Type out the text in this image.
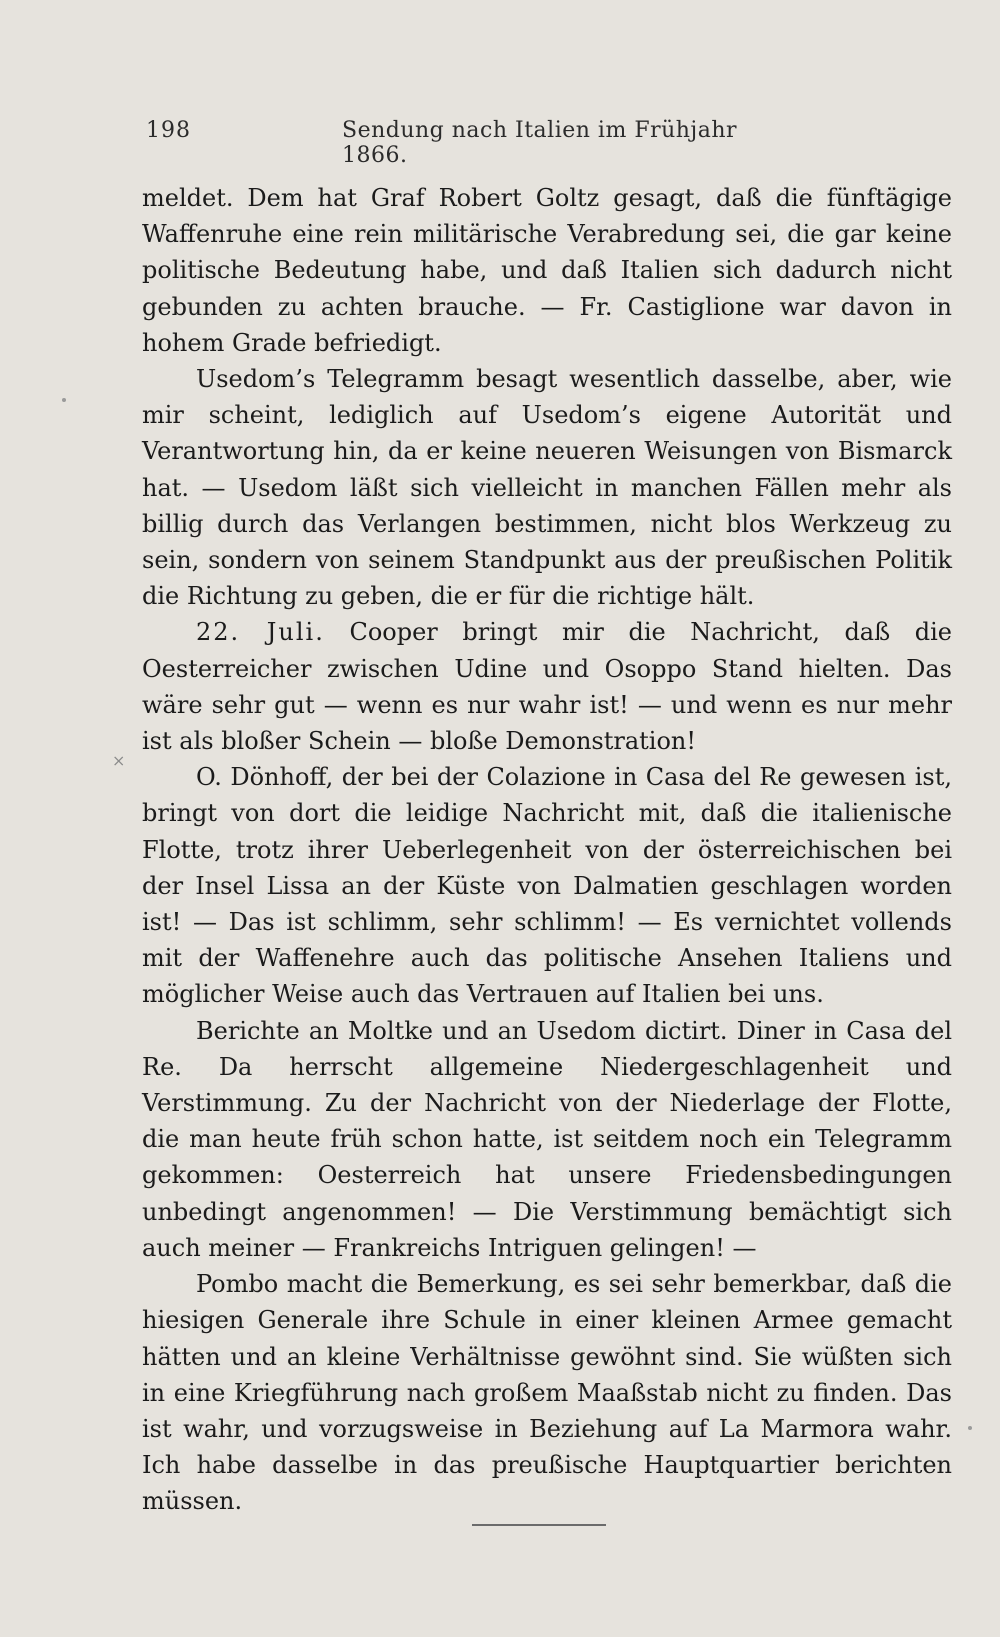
198	Sendung nach Italien im Frühjahr 1866.

meldet. Dem hat Graf Robert Goltz gesagt, daß die fünftägige Waffenruhe eine rein militärische Verabredung sei, die gar keine politische Bedeutung habe, und daß Italien sich dadurch nicht gebunden zu achten brauche. — Fr. Castiglione war davon in hohem Grade befriedigt.

Usedom’s Telegramm besagt wesentlich dasselbe, aber, wie mir scheint, lediglich auf Usedom’s eigene Autorität und Verantwortung hin, da er keine neueren Weisungen von Bismarck hat. — Usedom läßt sich vielleicht in manchen Fällen mehr als billig durch das Verlangen bestimmen, nicht blos Werkzeug zu sein, sondern von seinem Standpunkt aus der preußischen Politik die Richtung zu geben, die er für die richtige hält.

22. Juli. Cooper bringt mir die Nachricht, daß die Oesterreicher zwischen Udine und Osoppo Stand hielten. Das wäre sehr gut — wenn es nur wahr ist! — und wenn es nur mehr ist als bloßer Schein — bloße Demonstration!

O. Dönhoff, der bei der Colazione in Casa del Re gewesen ist, bringt von dort die leidige Nachricht mit, daß die italienische Flotte, trotz ihrer Ueberlegenheit von der österreichischen bei der Insel Lissa an der Küste von Dalmatien geschlagen worden ist! — Das ist schlimm, sehr schlimm! — Es vernichtet vollends mit der Waffenehre auch das politische Ansehen Italiens und möglicher Weise auch das Vertrauen auf Italien bei uns.

Berichte an Moltke und an Usedom dictirt. Diner in Casa del Re. Da herrscht allgemeine Niedergeschlagenheit und Verstimmung. Zu der Nachricht von der Niederlage der Flotte, die man heute früh schon hatte, ist seitdem noch ein Telegramm gekommen: Oesterreich hat unsere Friedensbedingungen unbedingt angenommen! — Die Verstimmung bemächtigt sich auch meiner — Frankreichs Intriguen gelingen! —

Pombo macht die Bemerkung, es sei sehr bemerkbar, daß die hiesigen Generale ihre Schule in einer kleinen Armee gemacht hätten und an kleine Verhältnisse gewöhnt sind. Sie wüßten sich in eine Kriegführung nach großem Maaßstab nicht zu finden. Das ist wahr, und vorzugsweise in Beziehung auf La Marmora wahr. Ich habe dasselbe in das preußische Hauptquartier berichten müssen.

×
